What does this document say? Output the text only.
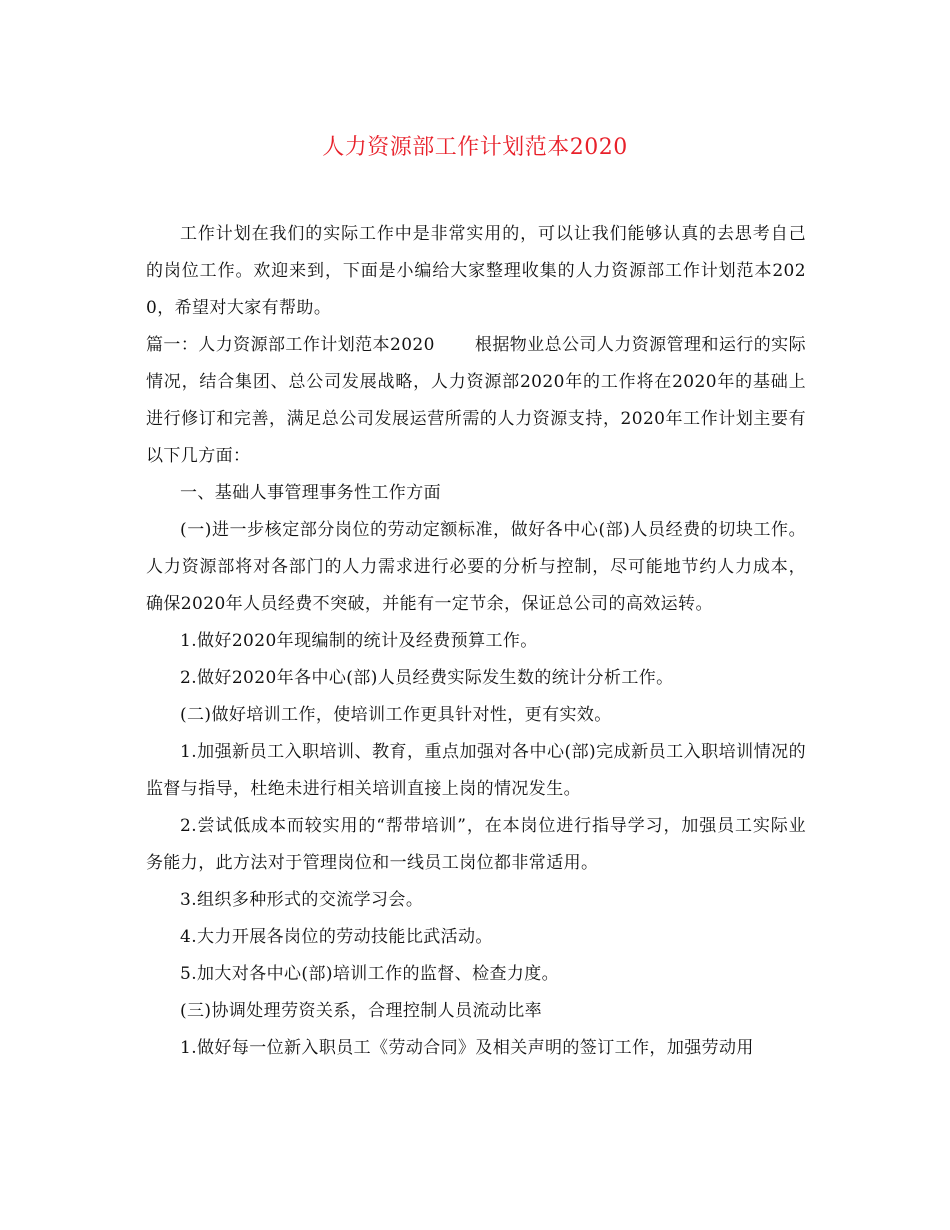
人力资源部工作计划范本2020

工作计划在我们的实际工作中是非常实用的，可以让我们能够认真的去思考自己的岗位工作。欢迎来到，下面是小编给大家整理收集的人力资源部工作计划范本2020，希望对大家有帮助。

篇一：人力资源部工作计划范本2020 根据物业总公司人力资源管理和运行的实际情况，结合集团、总公司发展战略，人力资源部2020年的工作将在2020年的基础上进行修订和完善，满足总公司发展运营所需的人力资源支持，2020年工作计划主要有以下几方面：

一、基础人事管理事务性工作方面

(一)进一步核定部分岗位的劳动定额标准，做好各中心(部)人员经费的切块工作。人力资源部将对各部门的人力需求进行必要的分析与控制，尽可能地节约人力成本，确保2020年人员经费不突破，并能有一定节余，保证总公司的高效运转。

1.做好2020年现编制的统计及经费预算工作。

2.做好2020年各中心(部)人员经费实际发生数的统计分析工作。

(二)做好培训工作，使培训工作更具针对性，更有实效。

1.加强新员工入职培训、教育，重点加强对各中心(部)完成新员工入职培训情况的监督与指导，杜绝未进行相关培训直接上岗的情况发生。

2.尝试低成本而较实用的“帮带培训”，在本岗位进行指导学习，加强员工实际业务能力，此方法对于管理岗位和一线员工岗位都非常适用。

3.组织多种形式的交流学习会。

4.大力开展各岗位的劳动技能比武活动。

5.加大对各中心(部)培训工作的监督、检查力度。

(三)协调处理劳资关系，合理控制人员流动比率

1.做好每一位新入职员工《劳动合同》及相关声明的签订工作，加强劳动用
